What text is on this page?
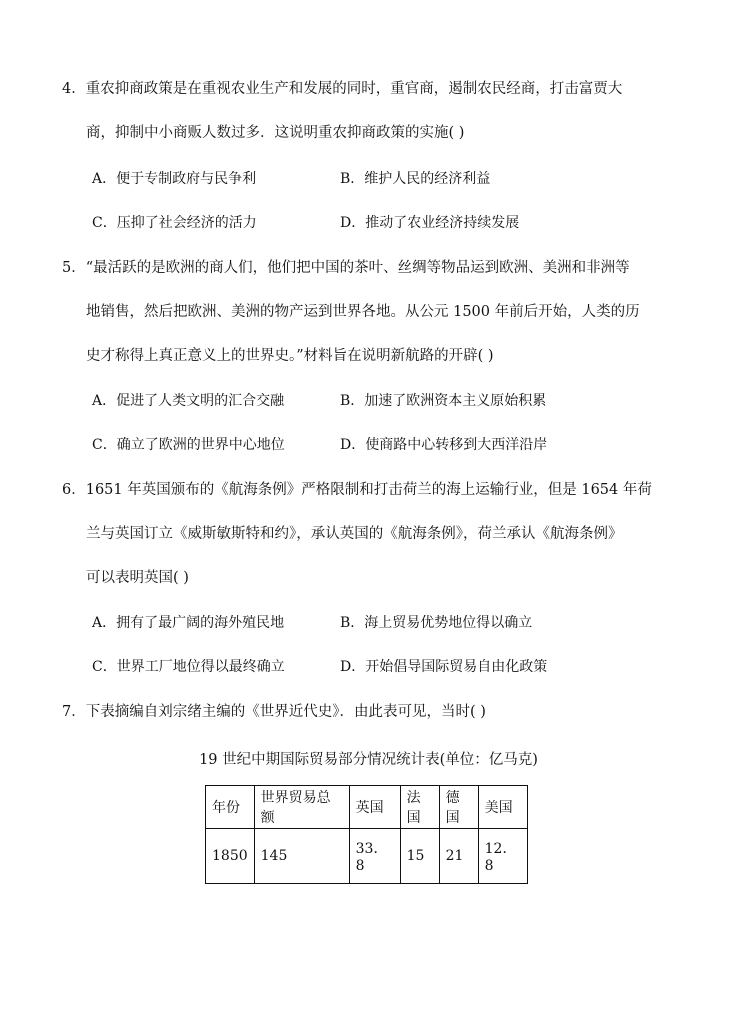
4．重农抑商政策是在重视农业生产和发展的同时，重官商，遏制农民经商，打击富贾大
商，抑制中小商贩人数过多．这说明重农抑商政策的实施( )
A．便于专制政府与民争利	B．维护人民的经济利益
C．压抑了社会经济的活力	D．推动了农业经济持续发展
5．“最活跃的是欧洲的商人们，他们把中国的茶叶、丝绸等物品运到欧洲、美洲和非洲等
地销售，然后把欧洲、美洲的物产运到世界各地。从公元 1500 年前后开始，人类的历
史才称得上真正意义上的世界史。”材料旨在说明新航路的开辟( )
A．促进了人类文明的汇合交融	B．加速了欧洲资本主义原始积累
C．确立了欧洲的世界中心地位	D．使商路中心转移到大西洋沿岸
6．1651 年英国颁布的《航海条例》严格限制和打击荷兰的海上运输行业，但是 1654 年荷
兰与英国订立《威斯敏斯特和约》，承认英国的《航海条例》，荷兰承认《航海条例》
可以表明英国( )
A．拥有了最广阔的海外殖民地	B．海上贸易优势地位得以确立
C．世界工厂地位得以最终确立	D．开始倡导国际贸易自由化政策
7．下表摘编自刘宗绪主编的《世界近代史》．由此表可见，当时( )
19 世纪中期国际贸易部分情况统计表(单位：亿马克)
年份	世界贸易总额	英国	法国	德国	美国
1850	145	33．8	15	21	12．8
